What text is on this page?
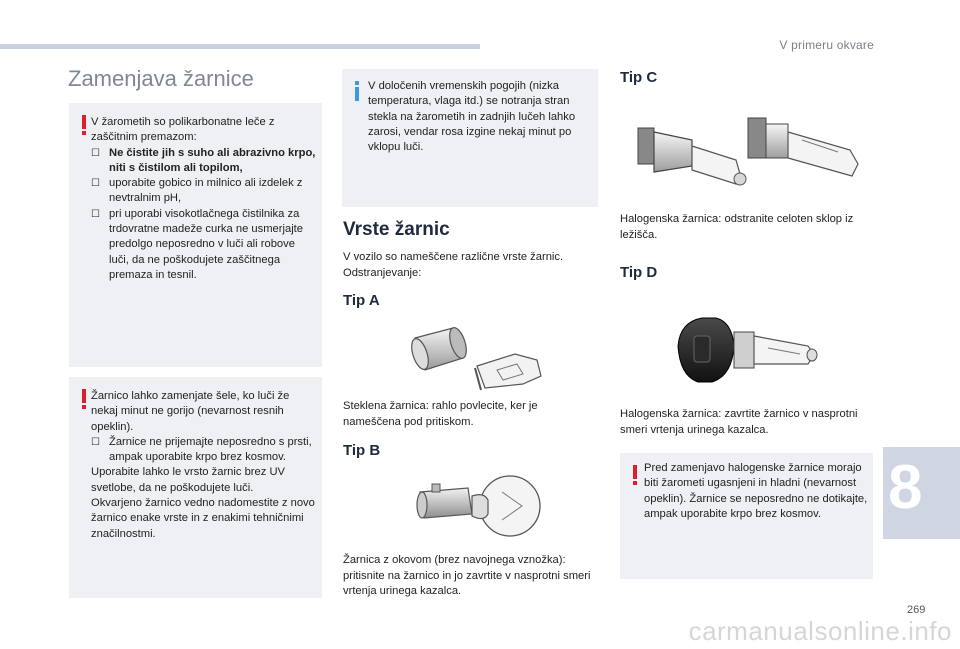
V primeru okvare
Zamenjava žarnice

V žarometih so polikarbonatne leče z zaščitnim premazom:

☐ Ne čistite jih s suho ali abrazivno krpo, niti s čistilom ali topilom,
☐ uporabite gobico in milnico ali izdelek z nevtralnim pH,
☐ pri uporabi visokotlačnega čistilnika za trdovratne madeže curka ne usmerjajte predolgo neposredno v luči ali robove luči, da ne poškodujete zaščitnega premaza in tesnil.

Žarnico lahko zamenjate šele, ko luči že nekaj minut ne gorijo (nevarnost resnih opeklin).

☐ Žarnice ne prijemajte neposredno s prsti, ampak uporabite krpo brez kosmov.

Uporabite lahko le vrsto žarnic brez UV svetlobe, da ne poškodujete luči.

Okvarjeno žarnico vedno nadomestite z novo žarnico enake vrste in z enakimi tehničnimi značilnostmi.

V določenih vremenskih pogojih (nizka temperatura, vlaga itd.) se notranja stran stekla na žarometih in zadnjih lučeh lahko zarosi, vendar rosa izgine nekaj minut po vklopu luči.

Vrste žarnic

V vozilo so nameščene različne vrste žarnic. Odstranjevanje:

Tip A

Steklena žarnica: rahlo povlecite, ker je nameščena pod pritiskom.

Tip B

Žarnica z okovom (brez navojnega vznožka): pritisnite na žarnico in jo zavrtite v nasprotni smeri vrtenja urinega kazalca.

Tip C

Halogenska žarnica: odstranite celoten sklop iz ležišča.

Tip D

Halogenska žarnica: zavrtite žarnico v nasprotni smeri vrtenja urinega kazalca.

Pred zamenjavo halogenske žarnice morajo biti žarometi ugasnjeni in hladni (nevarnost opeklin). Žarnice se neposredno ne dotikajte, ampak uporabite krpo brez kosmov.	8
269
carmanualsonline.info
